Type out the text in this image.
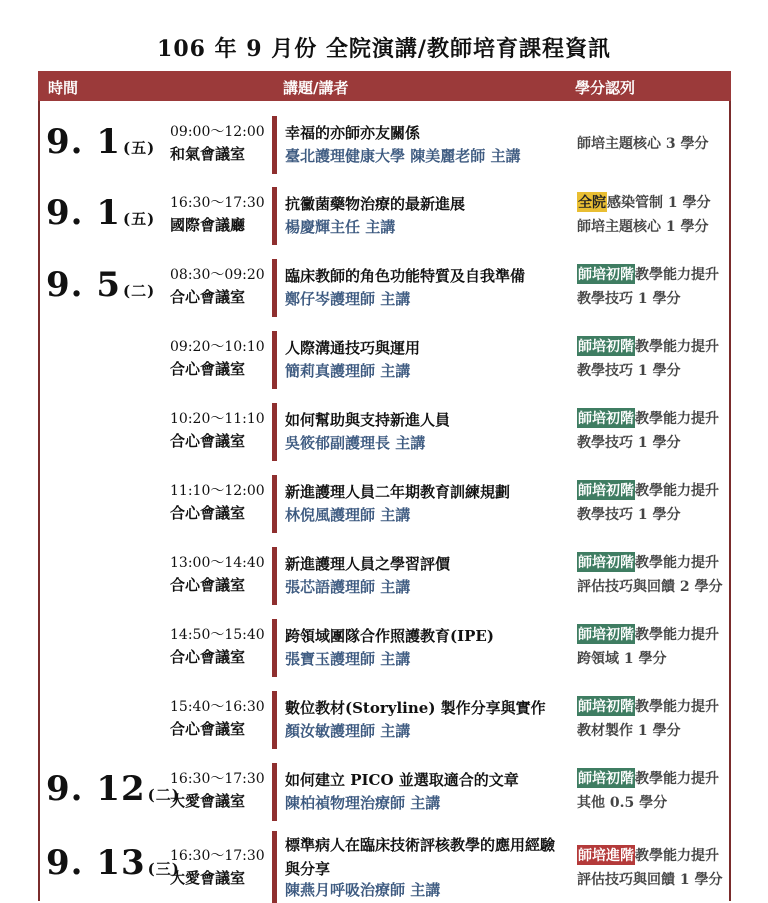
106 年 9 月份 全院演講/教師培育課程資訊
時間	講題/講者	學分認列
9. 1 (五)
09:00～12:00
和氣會議室
幸福的亦師亦友關係
臺北護理健康大學 陳美麗老師 主講
師培主題核心 3 學分
9. 1 (五)
16:30～17:30
國際會議廳
抗黴菌藥物治療的最新進展
楊慶輝主任 主講
全院感染管制 1 學分
師培主題核心 1 學分
9. 5 (二)
08:30～09:20
合心會議室
臨床教師的角色功能特質及自我準備
鄭仔岑護理師 主講
師培初階教學能力提升
教學技巧 1 學分
09:20～10:10
合心會議室
人際溝通技巧與運用
簡莉真護理師 主講
師培初階教學能力提升
教學技巧 1 學分
10:20～11:10
合心會議室
如何幫助與支持新進人員
吳筱郁副護理長 主講
師培初階教學能力提升
教學技巧 1 學分
11:10～12:00
合心會議室
新進護理人員二年期教育訓練規劃
林倪風護理師 主講
師培初階教學能力提升
教學技巧 1 學分
13:00～14:40
合心會議室
新進護理人員之學習評價
張芯語護理師 主講
師培初階教學能力提升
評估技巧與回饋 2 學分
14:50～15:40
合心會議室
跨領域團隊合作照護教育(IPE)
張寶玉護理師 主講
師培初階教學能力提升
跨領域 1 學分
15:40～16:30
合心會議室
數位教材(Storyline) 製作分享與實作
顏汝敏護理師 主講
師培初階教學能力提升
教材製作 1 學分
9. 12 (二)
16:30～17:30
大愛會議室
如何建立 PICO 並選取適合的文章
陳柏禎物理治療師 主講
師培初階教學能力提升
其他 0.5 學分
9. 13 (三)
16:30～17:30
大愛會議室
標準病人在臨床技術評核教學的應用經驗與分享
陳燕月呼吸治療師 主講
師培進階教學能力提升
評估技巧與回饋 1 學分
